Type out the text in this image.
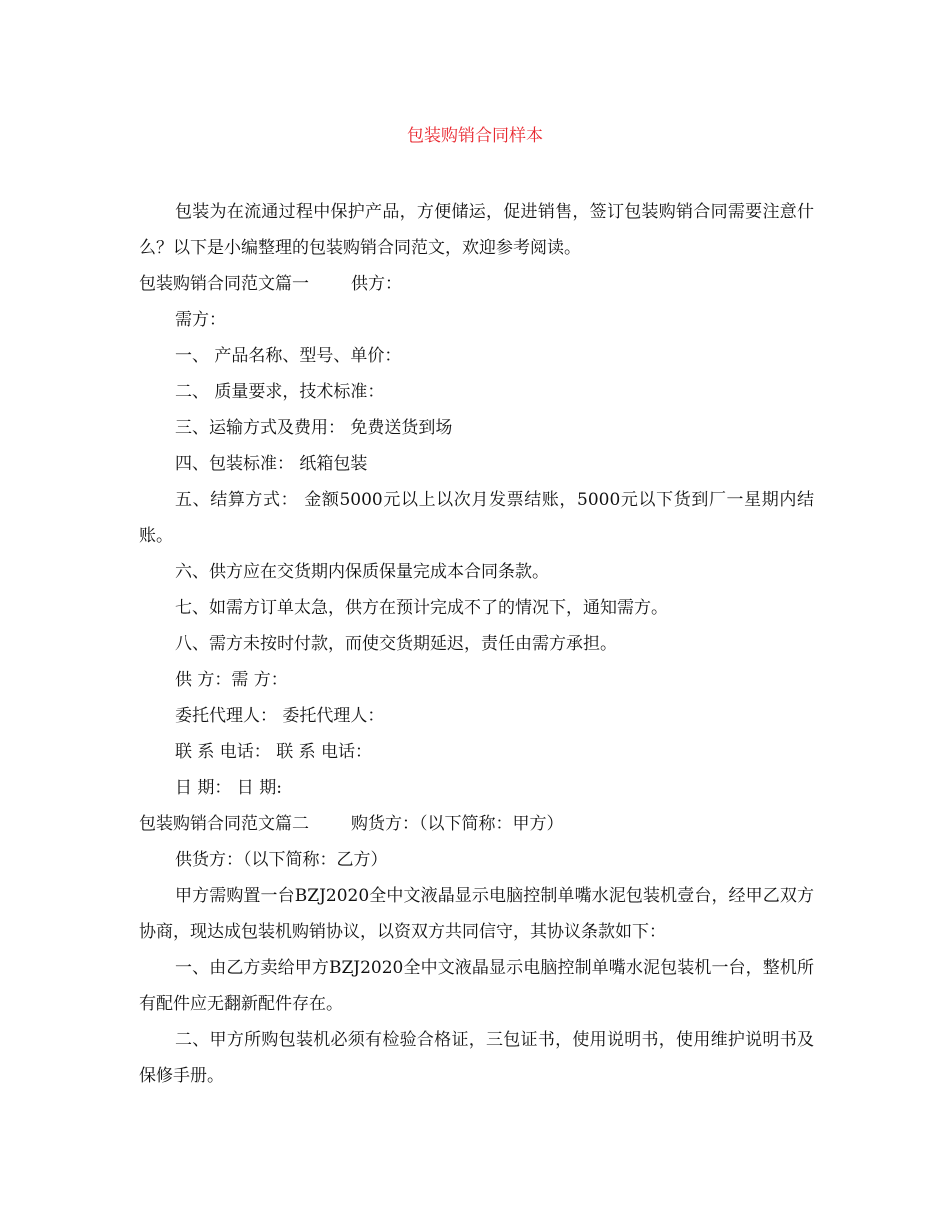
包装购销合同样本

包装为在流通过程中保护产品，方便储运，促进销售，签订包装购销合同需要注意什么？以下是小编整理的包装购销合同范文，欢迎参考阅读。

包装购销合同范文篇一 供方：

需方：

一、 产品名称、型号、单价：

二、 质量要求，技术标准：

三、运输方式及费用： 免费送货到场

四、包装标准： 纸箱包装

五、结算方式： 金额5000元以上以次月发票结账，5000元以下货到厂一星期内结账。

六、供方应在交货期内保质保量完成本合同条款。

七、如需方订单太急，供方在预计完成不了的情况下，通知需方。

八、需方未按时付款，而使交货期延迟，责任由需方承担。

供 方：需 方：

委托代理人： 委托代理人：

联 系 电话： 联 系 电话：

日 期： 日 期:

包装购销合同范文篇二 购货方：（以下简称：甲方）

供货方：（以下简称：乙方）

甲方需购置一台BZJ2020全中文液晶显示电脑控制单嘴水泥包装机壹台，经甲乙双方协商，现达成包装机购销协议，以资双方共同信守，其协议条款如下：

一、由乙方卖给甲方BZJ2020全中文液晶显示电脑控制单嘴水泥包装机一台，整机所有配件应无翻新配件存在。

二、甲方所购包装机必须有检验合格证，三包证书，使用说明书，使用维护说明书及保修手册。
